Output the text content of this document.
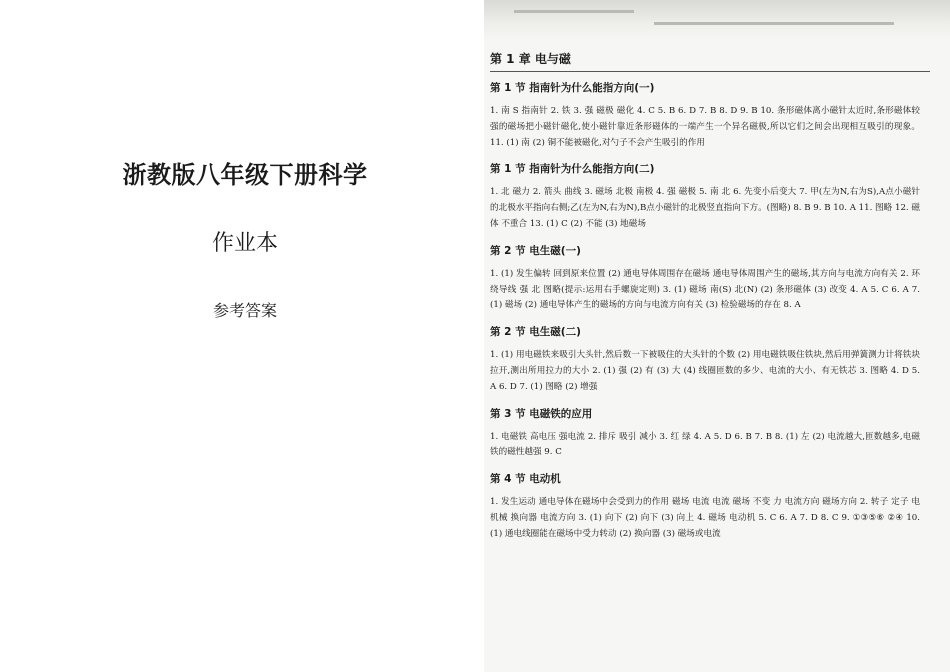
浙教版八年级下册科学
作业本
参考答案
第 1 章 电与磁
第 1 节 指南针为什么能指方向(一)
1. 南 S 指南针 2. 铁 3. 强 磁极 磁化 4. C 5. B 6. D 7. B 8. D 9. B 10. 条形磁体离小磁针太近时,条形磁体较强的磁场把小磁针磁化,使小磁针靠近条形磁体的一端产生一个异名磁极,所以它们之间会出现相互吸引的现象。 11. (1) 南 (2) 铜不能被磁化,对勺子不会产生吸引的作用
第 1 节 指南针为什么能指方向(二)
1. 北 磁力 2. 箭头 曲线 3. 磁场 北极 南极 4. 强 磁极 5. 南 北 6. 先变小后变大 7. 甲(左为N,右为S),A点小磁针的北极水平指向右侧;乙(左为N,右为N),B点小磁针的北极竖直指向下方。(图略) 8. B 9. B 10. A 11. 图略 12. 磁体 不重合 13. (1) C (2) 不能 (3) 地磁场
第 2 节 电生磁(一)
1. (1) 发生偏转 回到原来位置 (2) 通电导体周围存在磁场 通电导体周围产生的磁场,其方向与电流方向有关 2. 环绕导线 强 北 图略(提示:运用右手螺旋定则) 3. (1) 磁场 南(S) 北(N) (2) 条形磁体 (3) 改变 4. A 5. C 6. A 7. (1) 磁场 (2) 通电导体产生的磁场的方向与电流方向有关 (3) 检验磁场的存在 8. A
第 2 节 电生磁(二)
1. (1) 用电磁铁来吸引大头针,然后数一下被吸住的大头针的个数 (2) 用电磁铁吸住铁块,然后用弹簧测力计将铁块拉开,测出所用拉力的大小 2. (1) 强 (2) 有 (3) 大 (4) 线圈匝数的多少、电流的大小、有无铁芯 3. 图略 4. D 5. A 6. D 7. (1) 图略 (2) 增强
第 3 节 电磁铁的应用
1. 电磁铁 高电压 强电流 2. 排斥 吸引 减小 3. 红 绿 4. A 5. D 6. B 7. B 8. (1) 左 (2) 电流越大,匝数越多,电磁铁的磁性越强 9. C
第 4 节 电动机
1. 发生运动 通电导体在磁场中会受到力的作用 磁场 电流 电流 磁场 不变 力 电流方向 磁场方向 2. 转子 定子 电 机械 换向器 电流方向 3. (1) 向下 (2) 向下 (3) 向上 4. 磁场 电动机 5. C 6. A 7. D 8. C 9. ①③⑤⑥ ②④ 10. (1) 通电线圈能在磁场中受力转动 (2) 换向器 (3) 磁场或电流
